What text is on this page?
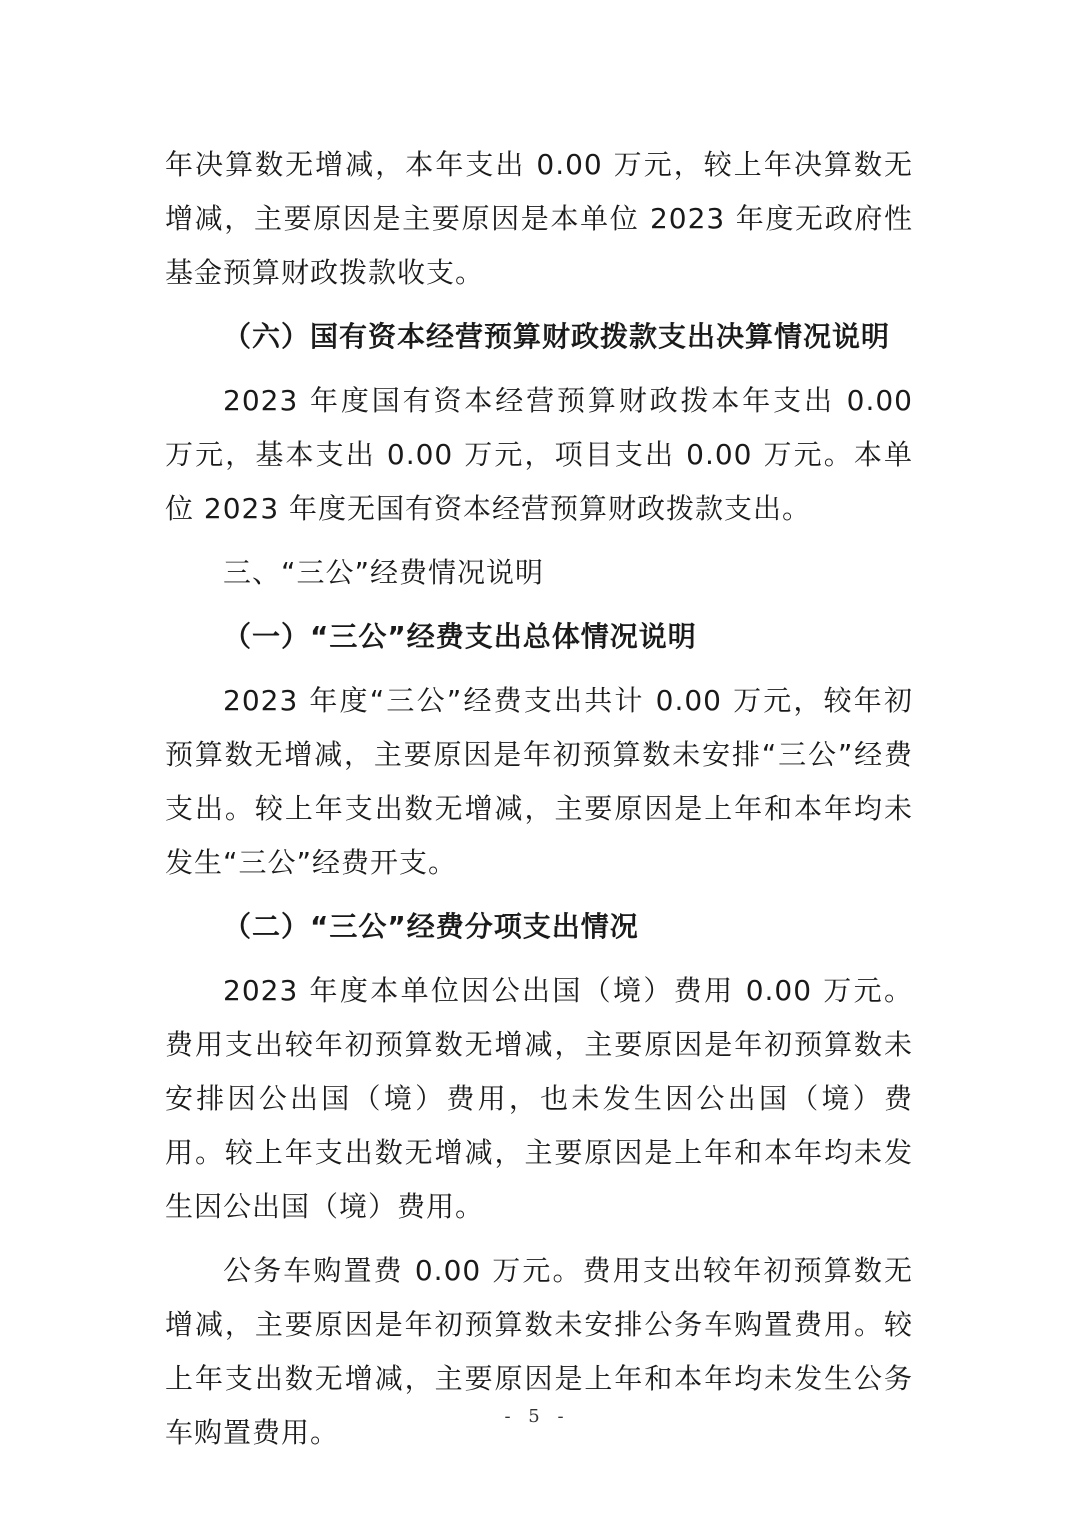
年决算数无增减，本年支出 0.00 万元，较上年决算数无增减，主要原因是主要原因是本单位 2023 年度无政府性基金预算财政拨款收支。

（六）国有资本经营预算财政拨款支出决算情况说明

2023 年度国有资本经营预算财政拨本年支出 0.00 万元，基本支出 0.00 万元，项目支出 0.00 万元。本单位 2023 年度无国有资本经营预算财政拨款支出。

三、“三公”经费情况说明

（一）“三公”经费支出总体情况说明

2023 年度“三公”经费支出共计 0.00 万元，较年初预算数无增减，主要原因是年初预算数未安排“三公”经费支出。较上年支出数无增减，主要原因是上年和本年均未发生“三公”经费开支。

（二）“三公”经费分项支出情况

2023 年度本单位因公出国（境）费用 0.00 万元。费用支出较年初预算数无增减，主要原因是年初预算数未安排因公出国（境）费用，也未发生因公出国（境）费用。较上年支出数无增减，主要原因是上年和本年均未发生因公出国（境）费用。

公务车购置费 0.00 万元。费用支出较年初预算数无增减，主要原因是年初预算数未安排公务车购置费用。较上年支出数无增减，主要原因是上年和本年均未发生公务车购置费用。	- 5 -
